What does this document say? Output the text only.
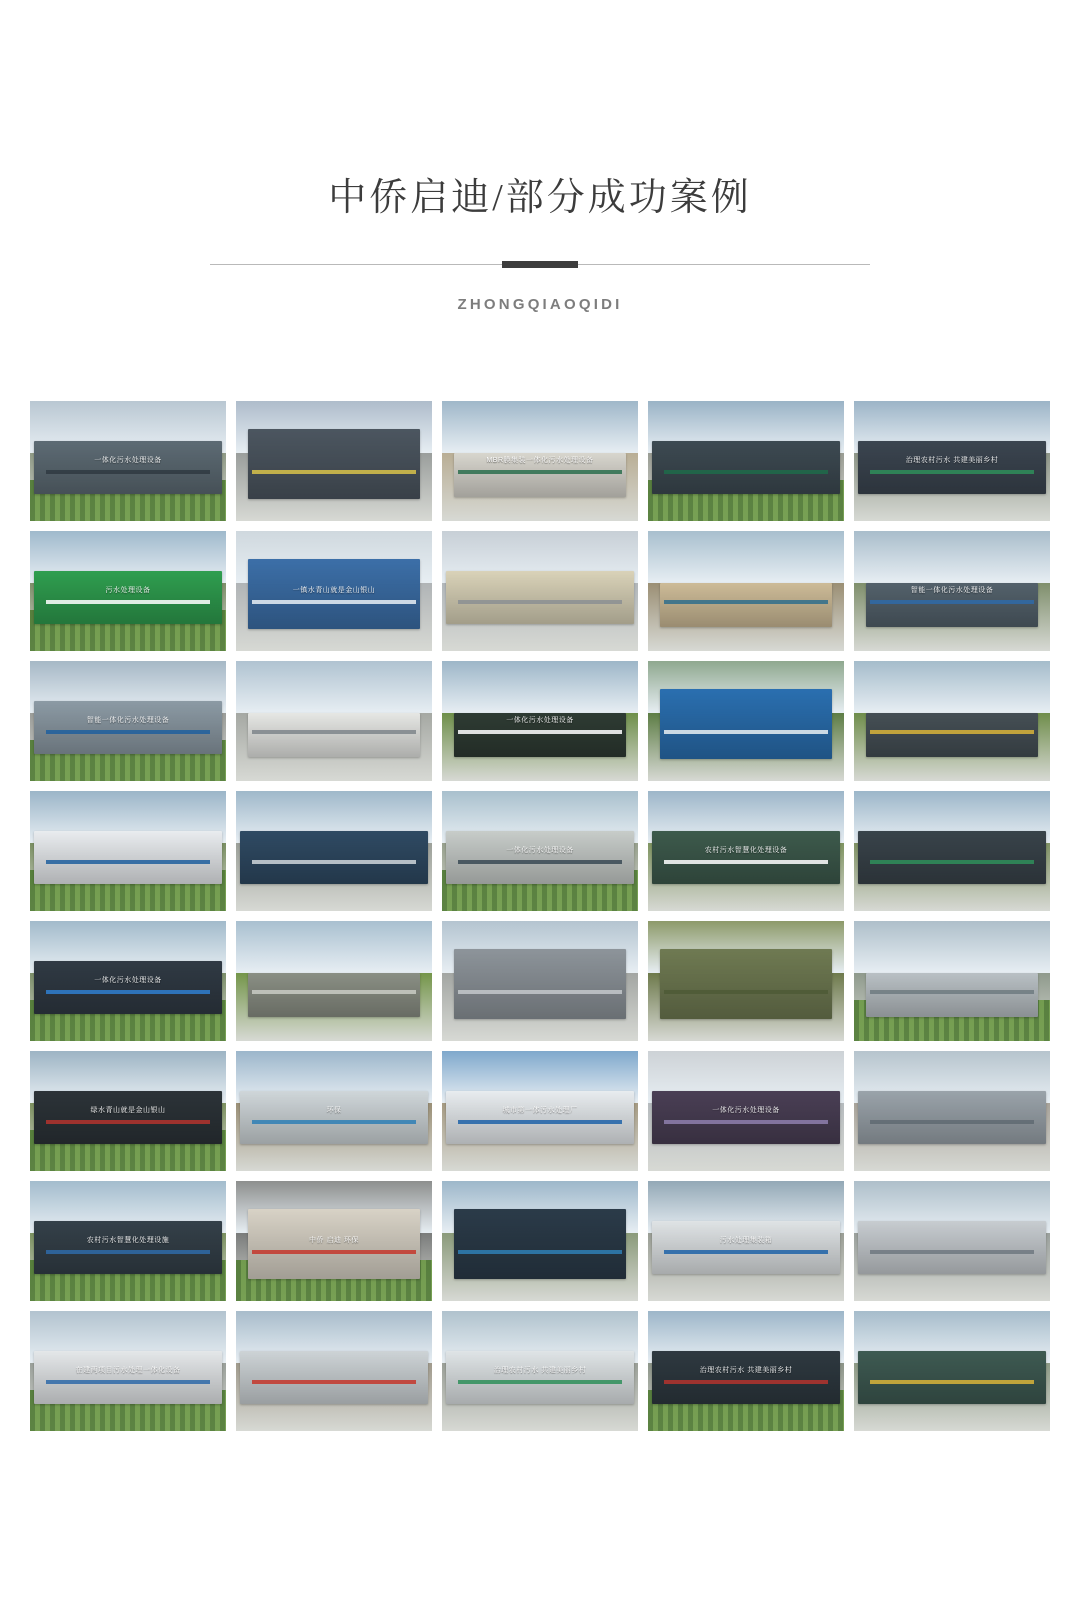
中侨启迪/部分成功案例
ZHONGQIAOQIDI
一体化污水处理设备	MBR膜集装一体化污水处理设备	治理农村污水 共建美丽乡村
污水处理设备	一镇水青山就是金山银山	智能一体化污水处理设备
智能一体化污水处理设备	一体化污水处理设备
一体化污水处理设备	农村污水智慧化处理设备
一体化污水处理设备
绿水青山就是金山银山	环保	城市第一体污水处理厂	一体化污水处理设备
农村污水智慧化处理设施	中侨 启迪 环保	污水处理集装箱
在建两项目污水处理一体化设备	治理农村污水 共建美丽乡村	治理农村污水 共建美丽乡村
